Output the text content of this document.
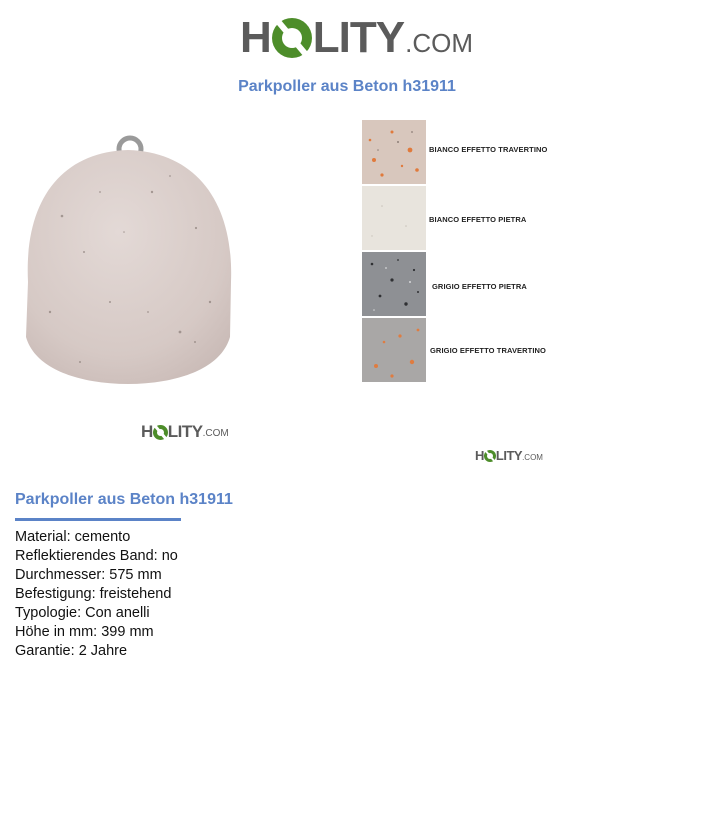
H LITY .COM
Parkpoller aus Beton h31911
H LITY .COM
H LITY .COM
BIANCO EFFETTO TRAVERTINO
BIANCO EFFETTO PIETRA
GRIGIO EFFETTO PIETRA
GRIGIO EFFETTO TRAVERTINO
Parkpoller aus Beton h31911
Material: cemento
Reflektierendes Band: no
Durchmesser: 575 mm
Befestigung: freistehend
Typologie: Con anelli
Höhe in mm: 399 mm
Garantie: 2 Jahre
